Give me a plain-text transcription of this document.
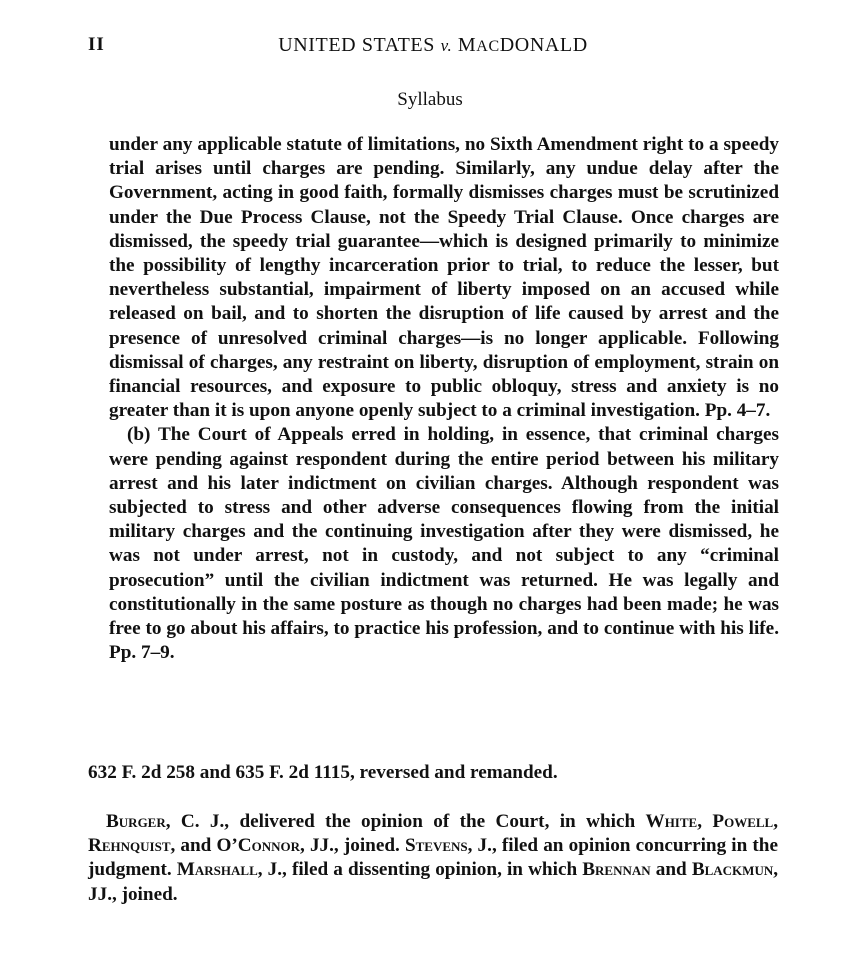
II	UNITED STATES v. MACDONALD
Syllabus

under any applicable statute of limitations, no Sixth Amendment right to a speedy trial arises until charges are pending. Similarly, any undue delay after the Government, acting in good faith, formally dismisses charges must be scrutinized under the Due Process Clause, not the Speedy Trial Clause. Once charges are dismissed, the speedy trial guarantee—which is designed primarily to minimize the possibility of lengthy incarceration prior to trial, to reduce the lesser, but nevertheless substantial, impairment of liberty imposed on an accused while released on bail, and to shorten the disruption of life caused by arrest and the presence of unresolved criminal charges—is no longer applicable. Following dismissal of charges, any restraint on liberty, disruption of employment, strain on financial resources, and exposure to public obloquy, stress and anxiety is no greater than it is upon anyone openly subject to a criminal investigation. Pp. 4–7.

(b) The Court of Appeals erred in holding, in essence, that criminal charges were pending against respondent during the entire period between his military arrest and his later indictment on civilian charges. Although respondent was subjected to stress and other adverse consequences flowing from the initial military charges and the continuing investigation after they were dismissed, he was not under arrest, not in custody, and not subject to any “criminal prosecution” until the civilian indictment was returned. He was legally and constitutionally in the same posture as though no charges had been made; he was free to go about his affairs, to practice his profession, and to continue with his life. Pp. 7–9.

632 F. 2d 258 and 635 F. 2d 1115, reversed and remanded.
Burger, C. J., delivered the opinion of the Court, in which White, Powell, Rehnquist, and O’Connor, JJ., joined. Stevens, J., filed an opinion concurring in the judgment. Marshall, J., filed a dissenting opinion, in which Brennan and Blackmun, JJ., joined.
